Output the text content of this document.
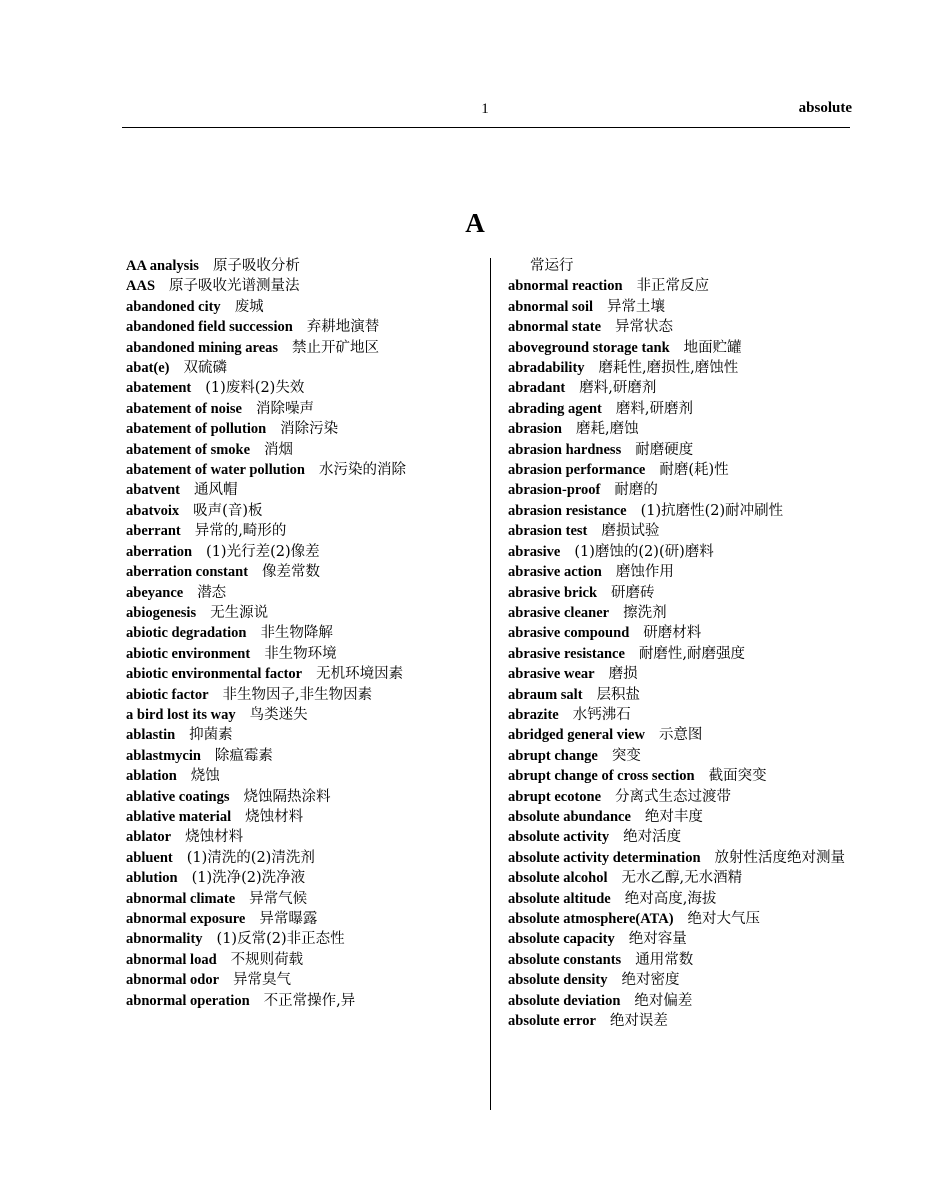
1	absolute
A
AA analysis 原子吸收分析
AAS 原子吸收光谱测量法
abandoned city 废城
abandoned field succession 弃耕地演替
abandoned mining areas 禁止开矿地区
abat(e) 双硫磷
abatement (1)废料(2)失效
abatement of noise 消除噪声
abatement of pollution 消除污染
abatement of smoke 消烟
abatement of water pollution 水污染的消除
abatvent 通风帽
abatvoix 吸声(音)板
aberrant 异常的,畸形的
aberration (1)光行差(2)像差
aberration constant 像差常数
abeyance 潜态
abiogenesis 无生源说
abiotic degradation 非生物降解
abiotic environment 非生物环境
abiotic environmental factor 无机环境因素
abiotic factor 非生物因子,非生物因素
a bird lost its way 鸟类迷失
ablastin 抑菌素
ablastmycin 除瘟霉素
ablation 烧蚀
ablative coatings 烧蚀隔热涂料
ablative material 烧蚀材料
ablator 烧蚀材料
abluent (1)清洗的(2)清洗剂
ablution (1)洗净(2)洗净液
abnormal climate 异常气候
abnormal exposure 异常曝露
abnormality (1)反常(2)非正态性
abnormal load 不规则荷载
abnormal odor 异常臭气
abnormal operation 不正常操作,异
常运行
abnormal reaction 非正常反应
abnormal soil 异常土壤
abnormal state 异常状态
aboveground storage tank 地面贮罐
abradability 磨耗性,磨损性,磨蚀性
abradant 磨料,研磨剂
abrading agent 磨料,研磨剂
abrasion 磨耗,磨蚀
abrasion hardness 耐磨硬度
abrasion performance 耐磨(耗)性
abrasion-proof 耐磨的
abrasion resistance (1)抗磨性(2)耐冲刷性
abrasion test 磨损试验
abrasive (1)磨蚀的(2)(研)磨料
abrasive action 磨蚀作用
abrasive brick 研磨砖
abrasive cleaner 擦洗剂
abrasive compound 研磨材料
abrasive resistance 耐磨性,耐磨强度
abrasive wear 磨损
abraum salt 层积盐
abrazite 水钙沸石
abridged general view 示意图
abrupt change 突变
abrupt change of cross section 截面突变
abrupt ecotone 分离式生态过渡带
absolute abundance 绝对丰度
absolute activity 绝对活度
absolute activity determination 放射性活度绝对测量
absolute alcohol 无水乙醇,无水酒精
absolute altitude 绝对高度,海拔
absolute atmosphere(ATA) 绝对大气压
absolute capacity 绝对容量
absolute constants 通用常数
absolute density 绝对密度
absolute deviation 绝对偏差
absolute error 绝对误差
